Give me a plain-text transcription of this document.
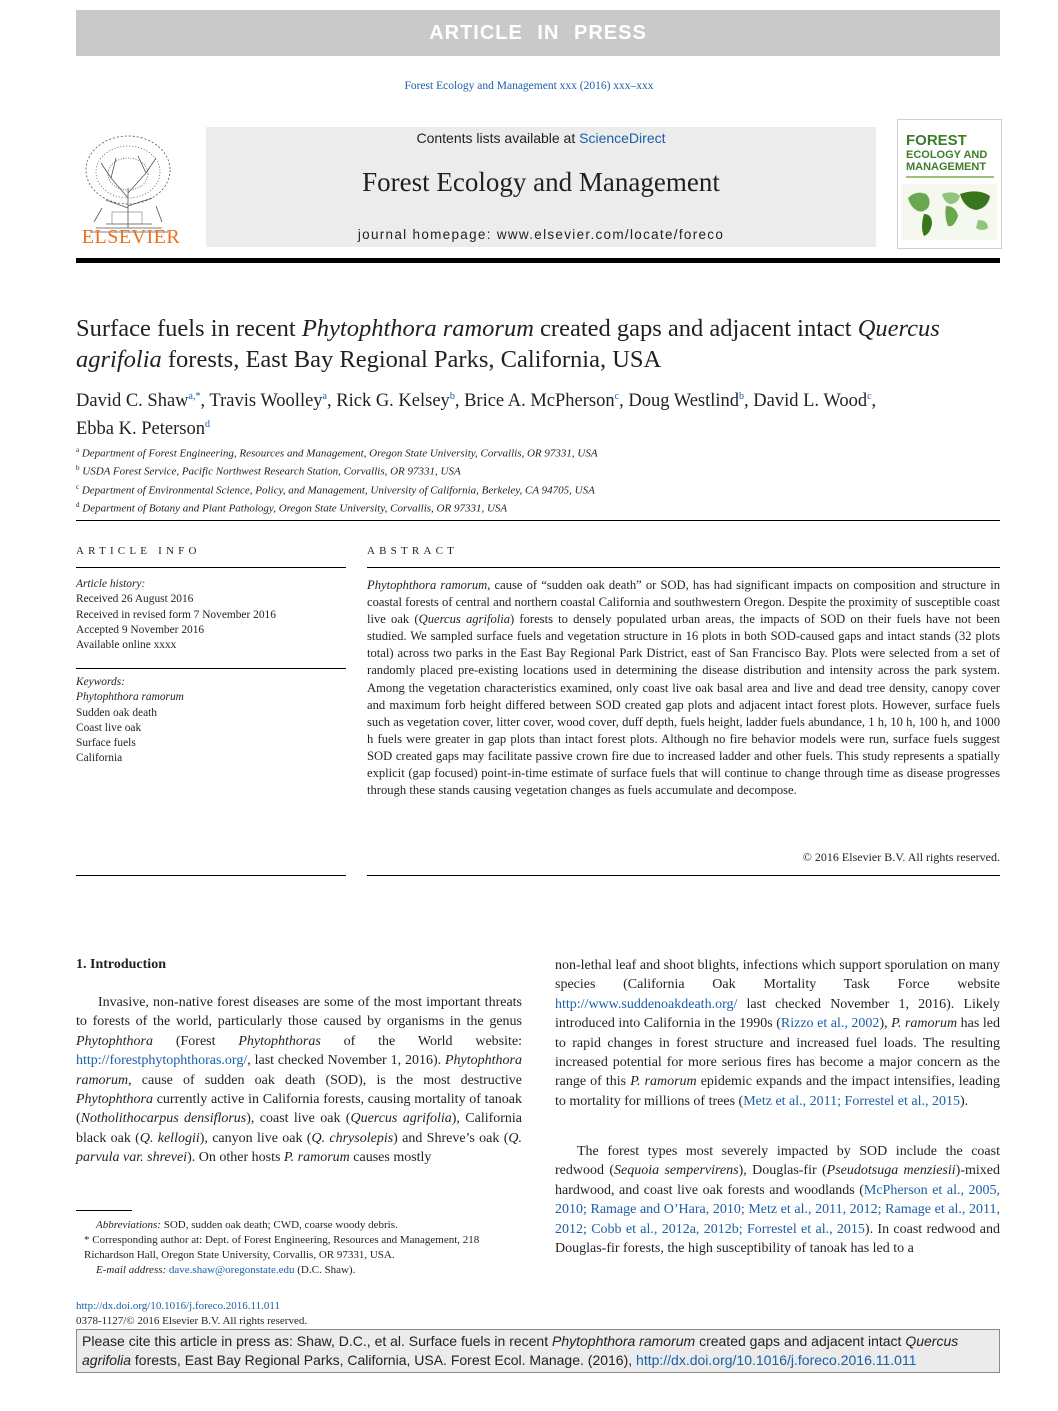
ARTICLE IN PRESS
Forest Ecology and Management xxx (2016) xxx–xxx
ELSEVIER
Contents lists available at ScienceDirect
Forest Ecology and Management
journal homepage: www.elsevier.com/locate/foreco
FOREST
ECOLOGY AND
MANAGEMENT
Surface fuels in recent Phytophthora ramorum created gaps and adjacent intact Quercus agrifolia forests, East Bay Regional Parks, California, USA
David C. Shaw$^{a,*}$, Travis Woolley$^a$, Rick G. Kelsey$^b$, Brice A. McPherson$^c$, Doug Westlind$^b$, David L. Wood$^c$,
Ebba K. Peterson$^d$
$^a$ Department of Forest Engineering, Resources and Management, Oregon State University, Corvallis, OR 97331, USA
$^b$ USDA Forest Service, Pacific Northwest Research Station, Corvallis, OR 97331, USA
$^c$ Department of Environmental Science, Policy, and Management, University of California, Berkeley, CA 94705, USA
$^d$ Department of Botany and Plant Pathology, Oregon State University, Corvallis, OR 97331, USA
ARTICLE INFO
Article history:
Received 26 August 2016
Received in revised form 7 November 2016
Accepted 9 November 2016
Available online xxxx
Keywords:
Phytophthora ramorum
Sudden oak death
Coast live oak
Surface fuels
California
ABSTRACT
Phytophthora ramorum, cause of “sudden oak death” or SOD, has had significant impacts on composition and structure in coastal forests of central and northern coastal California and southwestern Oregon. Despite the proximity of susceptible coast live oak (Quercus agrifolia) forests to densely populated urban areas, the impacts of SOD on their fuels have not been studied. We sampled surface fuels and vegetation structure in 16 plots in both SOD-caused gaps and intact stands (32 plots total) across two parks in the East Bay Regional Park District, east of San Francisco Bay. Plots were selected from a set of randomly placed pre-existing locations used in determining the disease distribution and intensity across the park system. Among the vegetation characteristics examined, only coast live oak basal area and live and dead tree density, canopy cover and maximum forb height differed between SOD created gap plots and adjacent intact forest plots. However, surface fuels such as vegetation cover, litter cover, wood cover, duff depth, fuels height, ladder fuels abundance, 1 h, 10 h, 100 h, and 1000 h fuels were greater in gap plots than intact forest plots. Although no fire behavior models were run, surface fuels suggest SOD created gaps may facilitate passive crown fire due to increased ladder and other fuels. This study represents a spatially explicit (gap focused) point-in-time estimate of surface fuels that will continue to change through time as disease progresses through these stands causing vegetation changes as fuels accumulate and decompose.
© 2016 Elsevier B.V. All rights reserved.
1. Introduction
Invasive, non-native forest diseases are some of the most important threats to forests of the world, particularly those caused by organisms in the genus Phytophthora (Forest Phytophthoras of the World website: http://forestphytophthoras.org/, last checked November 1, 2016). Phytophthora ramorum, cause of sudden oak death (SOD), is the most destructive Phytophthora currently active in California forests, causing mortality of tanoak (Notholithocarpus densiflorus), coast live oak (Quercus agrifolia), California black oak (Q. kellogii), canyon live oak (Q. chrysolepis) and Shreve’s oak (Q. parvula var. shrevei). On other hosts P. ramorum causes mostly
non-lethal leaf and shoot blights, infections which support sporulation on many species (California Oak Mortality Task Force website http://www.suddenoakdeath.org/ last checked November 1, 2016). Likely introduced into California in the 1990s (Rizzo et al., 2002), P. ramorum has led to rapid changes in forest structure and increased fuel loads. The resulting increased potential for more serious fires has become a major concern as the range of this P. ramorum epidemic expands and the impact intensifies, leading to mortality for millions of trees (Metz et al., 2011; Forrestel et al., 2015).
The forest types most severely impacted by SOD include the coast redwood (Sequoia sempervirens), Douglas-fir (Pseudotsuga menziesii)-mixed hardwood, and coast live oak forests and woodlands (McPherson et al., 2005, 2010; Ramage and O’Hara, 2010; Metz et al., 2011, 2012; Ramage et al., 2011, 2012; Cobb et al., 2012a, 2012b; Forrestel et al., 2015). In coast redwood and Douglas-fir forests, the high susceptibility of tanoak has led to a
Abbreviations: SOD, sudden oak death; CWD, coarse woody debris.
* Corresponding author at: Dept. of Forest Engineering, Resources and Management, 218 Richardson Hall, Oregon State University, Corvallis, OR 97331, USA.
E-mail address: dave.shaw@oregonstate.edu (D.C. Shaw).
http://dx.doi.org/10.1016/j.foreco.2016.11.011
0378-1127/© 2016 Elsevier B.V. All rights reserved.
Please cite this article in press as: Shaw, D.C., et al. Surface fuels in recent Phytophthora ramorum created gaps and adjacent intact Quercus agrifolia forests, East Bay Regional Parks, California, USA. Forest Ecol. Manage. (2016), http://dx.doi.org/10.1016/j.foreco.2016.11.011
